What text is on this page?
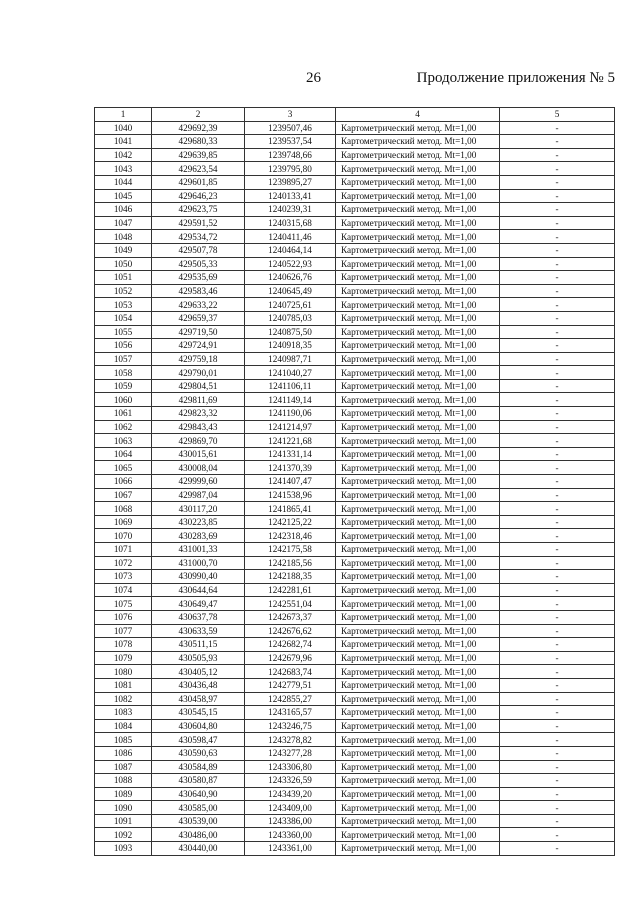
26	Продолжение приложения № 5
1	2	3	4	5
1040	429692,39	1239507,46	Картометрический метод. Mt=1,00	-
1041	429680,33	1239537,54	Картометрический метод. Mt=1,00	-
1042	429639,85	1239748,66	Картометрический метод. Mt=1,00	-
1043	429623,54	1239795,80	Картометрический метод. Mt=1,00	-
1044	429601,85	1239895,27	Картометрический метод. Mt=1,00	-
1045	429646,23	1240133,41	Картометрический метод. Mt=1,00	-
1046	429623,75	1240239,31	Картометрический метод. Mt=1,00	-
1047	429591,52	1240315,68	Картометрический метод. Mt=1,00	-
1048	429534,72	1240411,46	Картометрический метод. Mt=1,00	-
1049	429507,78	1240464,14	Картометрический метод. Mt=1,00	-
1050	429505,33	1240522,93	Картометрический метод. Mt=1,00	-
1051	429535,69	1240626,76	Картометрический метод. Mt=1,00	-
1052	429583,46	1240645,49	Картометрический метод. Mt=1,00	-
1053	429633,22	1240725,61	Картометрический метод. Mt=1,00	-
1054	429659,37	1240785,03	Картометрический метод. Mt=1,00	-
1055	429719,50	1240875,50	Картометрический метод. Mt=1,00	-
1056	429724,91	1240918,35	Картометрический метод. Mt=1,00	-
1057	429759,18	1240987,71	Картометрический метод. Mt=1,00	-
1058	429790,01	1241040,27	Картометрический метод. Mt=1,00	-
1059	429804,51	1241106,11	Картометрический метод. Mt=1,00	-
1060	429811,69	1241149,14	Картометрический метод. Mt=1,00	-
1061	429823,32	1241190,06	Картометрический метод. Mt=1,00	-
1062	429843,43	1241214,97	Картометрический метод. Mt=1,00	-
1063	429869,70	1241221,68	Картометрический метод. Mt=1,00	-
1064	430015,61	1241331,14	Картометрический метод. Mt=1,00	-
1065	430008,04	1241370,39	Картометрический метод. Mt=1,00	-
1066	429999,60	1241407,47	Картометрический метод. Mt=1,00	-
1067	429987,04	1241538,96	Картометрический метод. Mt=1,00	-
1068	430117,20	1241865,41	Картометрический метод. Mt=1,00	-
1069	430223,85	1242125,22	Картометрический метод. Mt=1,00	-
1070	430283,69	1242318,46	Картометрический метод. Mt=1,00	-
1071	431001,33	1242175,58	Картометрический метод. Mt=1,00	-
1072	431000,70	1242185,56	Картометрический метод. Mt=1,00	-
1073	430990,40	1242188,35	Картометрический метод. Mt=1,00	-
1074	430644,64	1242281,61	Картометрический метод. Mt=1,00	-
1075	430649,47	1242551,04	Картометрический метод. Mt=1,00	-
1076	430637,78	1242673,37	Картометрический метод. Mt=1,00	-
1077	430633,59	1242676,62	Картометрический метод. Mt=1,00	-
1078	430511,15	1242682,74	Картометрический метод. Mt=1,00	-
1079	430505,93	1242679,96	Картометрический метод. Mt=1,00	-
1080	430405,12	1242683,74	Картометрический метод. Mt=1,00	-
1081	430436,48	1242779,51	Картометрический метод. Mt=1,00	-
1082	430458,97	1242855,27	Картометрический метод. Mt=1,00	-
1083	430545,15	1243165,57	Картометрический метод. Mt=1,00	-
1084	430604,80	1243246,75	Картометрический метод. Mt=1,00	-
1085	430598,47	1243278,82	Картометрический метод. Mt=1,00	-
1086	430590,63	1243277,28	Картометрический метод. Mt=1,00	-
1087	430584,89	1243306,80	Картометрический метод. Mt=1,00	-
1088	430580,87	1243326,59	Картометрический метод. Mt=1,00	-
1089	430640,90	1243439,20	Картометрический метод. Mt=1,00	-
1090	430585,00	1243409,00	Картометрический метод. Mt=1,00	-
1091	430539,00	1243386,00	Картометрический метод. Mt=1,00	-
1092	430486,00	1243360,00	Картометрический метод. Mt=1,00	-
1093	430440,00	1243361,00	Картометрический метод. Mt=1,00	-
